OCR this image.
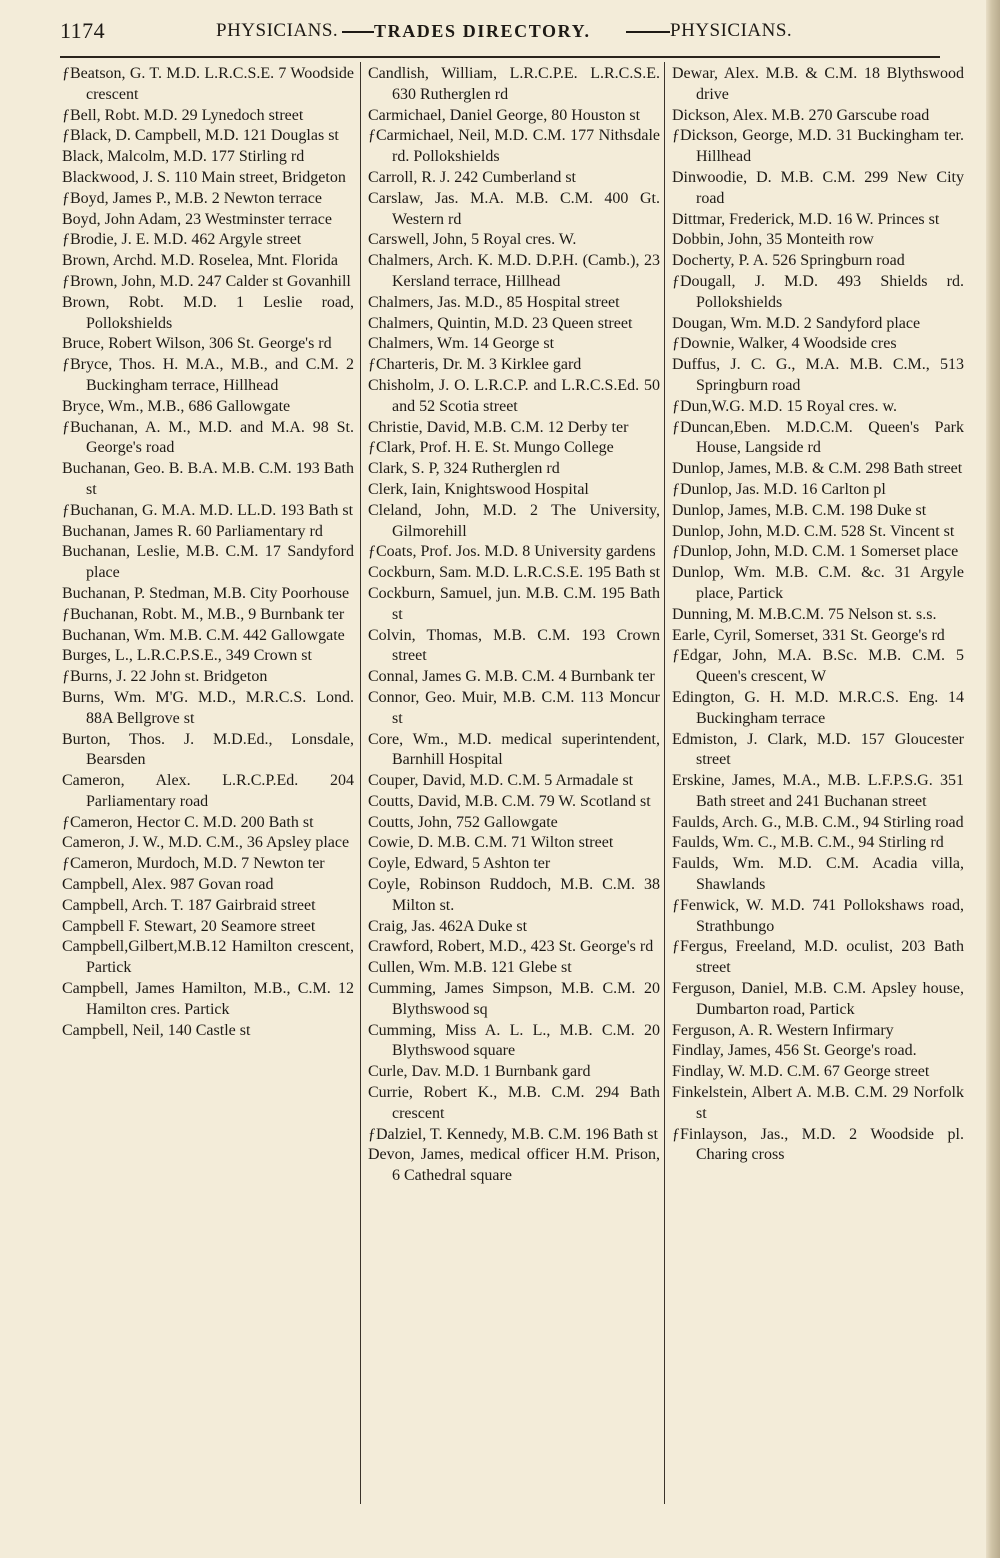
1174	PHYSICIANS. TRADES DIRECTORY.	PHYSICIANS.

ƒBeatson, G. T. M.D. L.R.C.S.E. 7 Woodside crescent

ƒBell, Robt. M.D. 29 Lynedoch street

ƒBlack, D. Campbell, M.D. 121 Douglas st

Black, Malcolm, M.D. 177 Stirling rd

Blackwood, J. S. 110 Main street, Bridgeton

ƒBoyd, James P., M.B. 2 Newton terrace

Boyd, John Adam, 23 Westminster terrace

ƒBrodie, J. E. M.D. 462 Argyle street

Brown, Archd. M.D. Roselea, Mnt. Florida

ƒBrown, John, M.D. 247 Calder st Govanhill

Brown, Robt. M.D. 1 Leslie road, Pollokshields

Bruce, Robert Wilson, 306 St. George's rd

ƒBryce, Thos. H. M.A., M.B., and C.M. 2 Buckingham terrace, Hillhead

Bryce, Wm., M.B., 686 Gallowgate

ƒBuchanan, A. M., M.D. and M.A. 98 St. George's road

Buchanan, Geo. B. B.A. M.B. C.M. 193 Bath st

ƒBuchanan, G. M.A. M.D. LL.D. 193 Bath st

Buchanan, James R. 60 Parliamentary rd

Buchanan, Leslie, M.B. C.M. 17 Sandyford place

Buchanan, P. Stedman, M.B. City Poorhouse

ƒBuchanan, Robt. M., M.B., 9 Burnbank ter

Buchanan, Wm. M.B. C.M. 442 Gallowgate

Burges, L., L.R.C.P.S.E., 349 Crown st

ƒBurns, J. 22 John st. Bridgeton

Burns, Wm. M'G. M.D., M.R.C.S. Lond. 88A Bellgrove st

Burton, Thos. J. M.D.Ed., Lonsdale, Bearsden

Cameron, Alex. L.R.C.P.Ed. 204 Parliamentary road

ƒCameron, Hector C. M.D. 200 Bath st

Cameron, J. W., M.D. C.M., 36 Apsley place

ƒCameron, Murdoch, M.D. 7 Newton ter

Campbell, Alex. 987 Govan road

Campbell, Arch. T. 187 Gairbraid street

Campbell F. Stewart, 20 Seamore street

Campbell,Gilbert,M.B.12 Hamilton crescent, Partick

Campbell, James Hamilton, M.B., C.M. 12 Hamilton cres. Partick

Campbell, Neil, 140 Castle st

Candlish, William, L.R.C.P.E. L.R.C.S.E. 630 Rutherglen rd

Carmichael, Daniel George, 80 Houston st

ƒCarmichael, Neil, M.D. C.M. 177 Nithsdale rd. Pollokshields

Carroll, R. J. 242 Cumberland st

Carslaw, Jas. M.A. M.B. C.M. 400 Gt. Western rd

Carswell, John, 5 Royal cres. W.

Chalmers, Arch. K. M.D. D.P.H. (Camb.), 23 Kersland terrace, Hillhead

Chalmers, Jas. M.D., 85 Hospital street

Chalmers, Quintin, M.D. 23 Queen street

Chalmers, Wm. 14 George st

ƒCharteris, Dr. M. 3 Kirklee gard

Chisholm, J. O. L.R.C.P. and L.R.C.S.Ed. 50 and 52 Scotia street

Christie, David, M.B. C.M. 12 Derby ter

ƒClark, Prof. H. E. St. Mungo College

Clark, S. P, 324 Rutherglen rd

Clerk, Iain, Knightswood Hospital

Cleland, John, M.D. 2 The University, Gilmorehill

ƒCoats, Prof. Jos. M.D. 8 University gardens

Cockburn, Sam. M.D. L.R.C.S.E. 195 Bath st

Cockburn, Samuel, jun. M.B. C.M. 195 Bath st

Colvin, Thomas, M.B. C.M. 193 Crown street

Connal, James G. M.B. C.M. 4 Burnbank ter

Connor, Geo. Muir, M.B. C.M. 113 Moncur st

Core, Wm., M.D. medical superintendent, Barnhill Hospital

Couper, David, M.D. C.M. 5 Armadale st

Coutts, David, M.B. C.M. 79 W. Scotland st

Coutts, John, 752 Gallowgate

Cowie, D. M.B. C.M. 71 Wilton street

Coyle, Edward, 5 Ashton ter

Coyle, Robinson Ruddoch, M.B. C.M. 38 Milton st.

Craig, Jas. 462A Duke st

Crawford, Robert, M.D., 423 St. George's rd

Cullen, Wm. M.B. 121 Glebe st

Cumming, James Simpson, M.B. C.M. 20 Blythswood sq

Cumming, Miss A. L. L., M.B. C.M. 20 Blythswood square

Curle, Dav. M.D. 1 Burnbank gard

Currie, Robert K., M.B. C.M. 294 Bath crescent

ƒDalziel, T. Kennedy, M.B. C.M. 196 Bath st

Devon, James, medical officer H.M. Prison, 6 Cathedral square

Dewar, Alex. M.B. & C.M. 18 Blythswood drive

Dickson, Alex. M.B. 270 Garscube road

ƒDickson, George, M.D. 31 Buckingham ter. Hillhead

Dinwoodie, D. M.B. C.M. 299 New City road

Dittmar, Frederick, M.D. 16 W. Princes st

Dobbin, John, 35 Monteith row

Docherty, P. A. 526 Springburn road

ƒDougall, J. M.D. 493 Shields rd. Pollokshields

Dougan, Wm. M.D. 2 Sandyford place

ƒDownie, Walker, 4 Woodside cres

Duffus, J. C. G., M.A. M.B. C.M., 513 Springburn road

ƒDun,W.G. M.D. 15 Royal cres. w.

ƒDuncan,Eben. M.D.C.M. Queen's Park House, Langside rd

Dunlop, James, M.B. & C.M. 298 Bath street

ƒDunlop, Jas. M.D. 16 Carlton pl

Dunlop, James, M.B. C.M. 198 Duke st

Dunlop, John, M.D. C.M. 528 St. Vincent st

ƒDunlop, John, M.D. C.M. 1 Somerset place

Dunlop, Wm. M.B. C.M. &c. 31 Argyle place, Partick

Dunning, M. M.B.C.M. 75 Nelson st. s.s.

Earle, Cyril, Somerset, 331 St. George's rd

ƒEdgar, John, M.A. B.Sc. M.B. C.M. 5 Queen's crescent, W

Edington, G. H. M.D. M.R.C.S. Eng. 14 Buckingham terrace

Edmiston, J. Clark, M.D. 157 Gloucester street

Erskine, James, M.A., M.B. L.F.P.S.G. 351 Bath street and 241 Buchanan street

Faulds, Arch. G., M.B. C.M., 94 Stirling road

Faulds, Wm. C., M.B. C.M., 94 Stirling rd

Faulds, Wm. M.D. C.M. Acadia villa, Shawlands

ƒFenwick, W. M.D. 741 Pollokshaws road, Strathbungo

ƒFergus, Freeland, M.D. oculist, 203 Bath street

Ferguson, Daniel, M.B. C.M. Apsley house, Dumbarton road, Partick

Ferguson, A. R. Western Infirmary

Findlay, James, 456 St. George's road.

Findlay, W. M.D. C.M. 67 George street

Finkelstein, Albert A. M.B. C.M. 29 Norfolk st

ƒFinlayson, Jas., M.D. 2 Woodside pl. Charing cross
